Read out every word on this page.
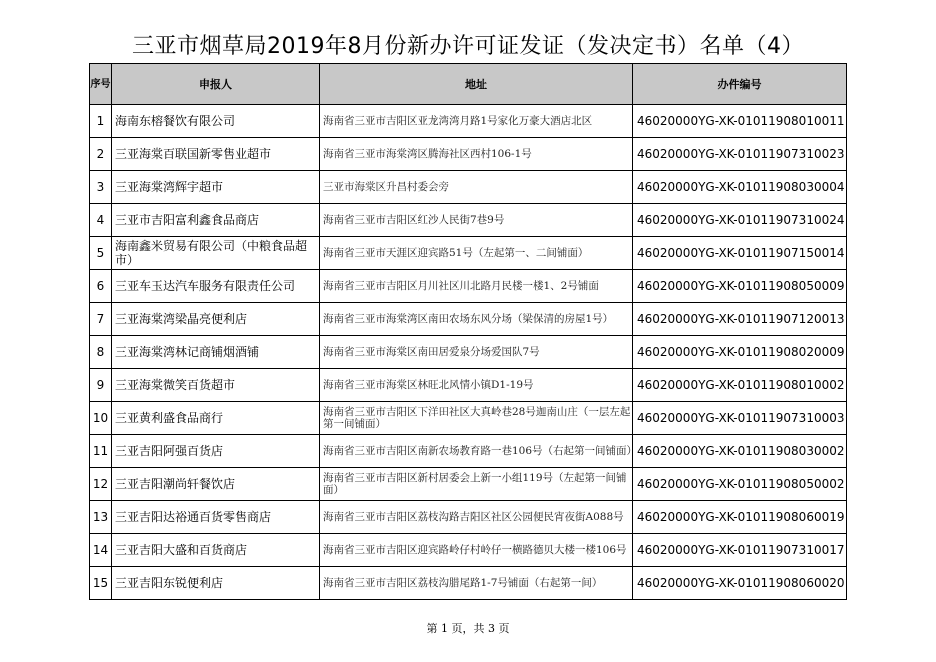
三亚市烟草局2019年8月份新办许可证发证（发决定书）名单（4）
序号	申报人	地址	办件编号
1	海南东榕餐饮有限公司	海南省三亚市吉阳区亚龙湾湾月路1号家化万豪大酒店北区	46020000YG-XK-01011908010011
2	三亚海棠百联国新零售业超市	海南省三亚市海棠湾区腾海社区西村106-1号	46020000YG-XK-01011907310023
3	三亚海棠湾辉宇超市	三亚市海棠区升昌村委会旁	46020000YG-XK-01011908030004
4	三亚市吉阳富利鑫食品商店	海南省三亚市吉阳区红沙人民街7巷9号	46020000YG-XK-01011907310024
5	海南鑫米贸易有限公司（中粮食品超市）	海南省三亚市天涯区迎宾路51号（左起第一、二间铺面）	46020000YG-XK-01011907150014
6	三亚车玉达汽车服务有限责任公司	海南省三亚市吉阳区月川社区川北路月民楼一楼1、2号铺面	46020000YG-XK-01011908050009
7	三亚海棠湾梁晶亮便利店	海南省三亚市海棠湾区南田农场东风分场（梁保清的房屋1号）	46020000YG-XK-01011907120013
8	三亚海棠湾林记商铺烟酒铺	海南省三亚市海棠区南田居爱泉分场爱国队7号	46020000YG-XK-01011908020009
9	三亚海棠微笑百货超市	海南省三亚市海棠区林旺北风情小镇D1-19号	46020000YG-XK-01011908010002
10	三亚黄利盛食品商行	海南省三亚市吉阳区下洋田社区大真岭巷28号迦南山庄（一层左起第一间铺面）	46020000YG-XK-01011907310003
11	三亚吉阳阿强百货店	海南省三亚市吉阳区南新农场教育路一巷106号（右起第一间铺面）	46020000YG-XK-01011908030002
12	三亚吉阳潮尚轩餐饮店	海南省三亚市吉阳区新村居委会上新一小组119号（左起第一间铺面）	46020000YG-XK-01011908050002
13	三亚吉阳达裕通百货零售商店	海南省三亚市吉阳区荔枝沟路吉阳区社区公园便民宵夜街A088号	46020000YG-XK-01011908060019
14	三亚吉阳大盛和百货商店	海南省三亚市吉阳区迎宾路岭仔村岭仔一横路德贝大楼一楼106号	46020000YG-XK-01011907310017
15	三亚吉阳东锐便利店	海南省三亚市吉阳区荔枝沟腊尾路1-7号铺面（右起第一间）	46020000YG-XK-01011908060020
第 1 页，共 3 页
